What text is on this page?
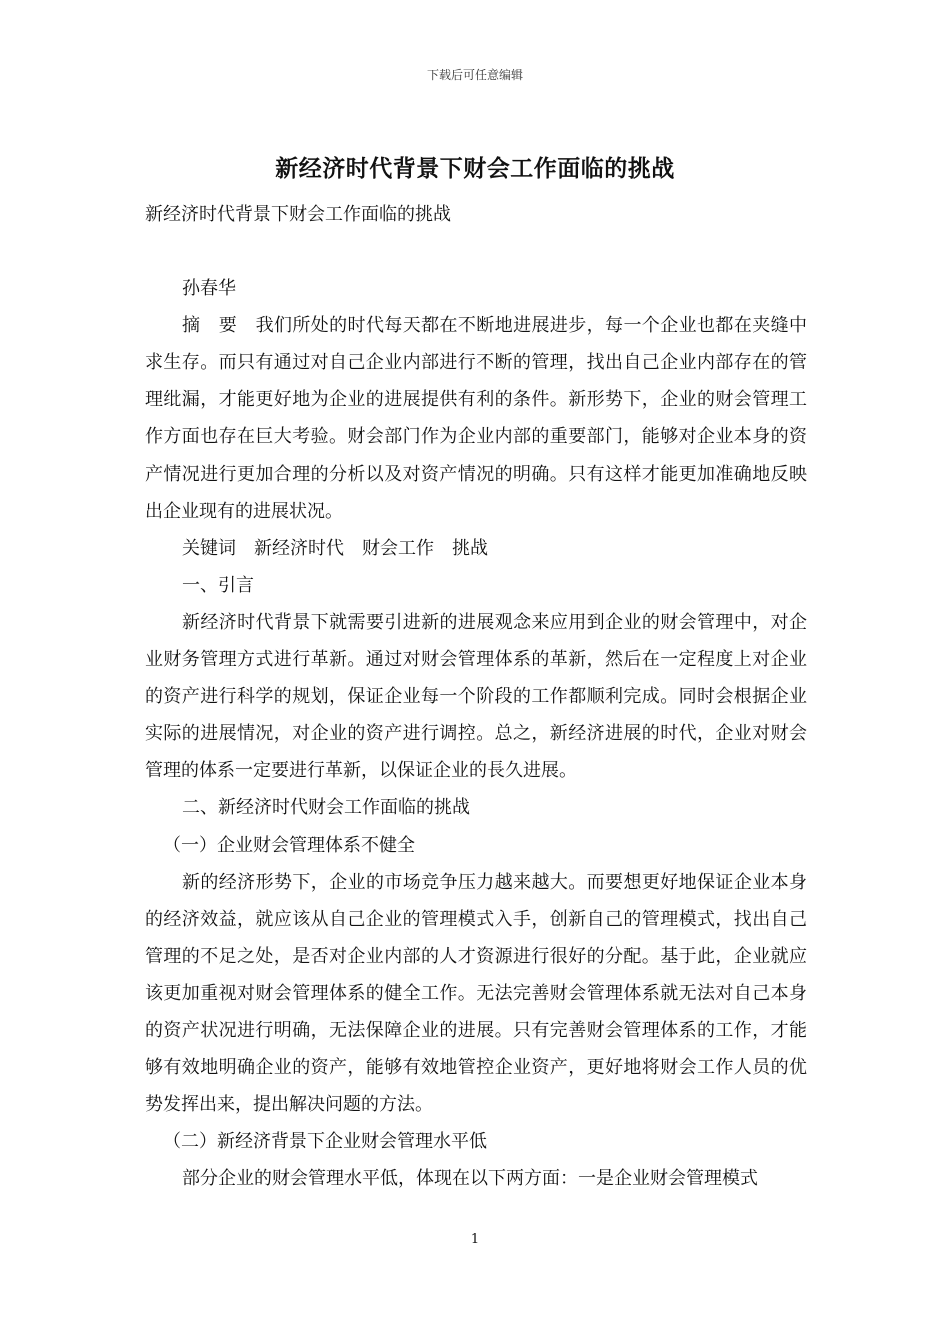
下载后可任意编辑
新经济时代背景下财会工作面临的挑战

新经济时代背景下财会工作面临的挑战

孙春华

摘　要　我们所处的时代每天都在不断地进展进步，每一个企业也都在夹缝中求生存。而只有通过对自己企业内部进行不断的管理，找出自己企业内部存在的管理纰漏，才能更好地为企业的进展提供有利的条件。新形势下，企业的财会管理工作方面也存在巨大考验。财会部门作为企业内部的重要部门，能够对企业本身的资产情况进行更加合理的分析以及对资产情况的明确。只有这样才能更加准确地反映出企业现有的进展状况。

关键词　新经济时代　财会工作　挑战

一、引言

新经济时代背景下就需要引进新的进展观念来应用到企业的财会管理中，对企业财务管理方式进行革新。通过对财会管理体系的革新，然后在一定程度上对企业的资产进行科学的规划，保证企业每一个阶段的工作都顺利完成。同时会根据企业实际的进展情况，对企业的资产进行调控。总之，新经济进展的时代，企业对财会管理的体系一定要进行革新，以保证企业的長久进展。

二、新经济时代财会工作面临的挑战

（一）企业财会管理体系不健全

新的经济形势下，企业的市场竞争压力越来越大。而要想更好地保证企业本身的经济效益，就应该从自己企业的管理模式入手，创新自己的管理模式，找出自己管理的不足之处，是否对企业内部的人才资源进行很好的分配。基于此，企业就应该更加重视对财会管理体系的健全工作。无法完善财会管理体系就无法对自己本身的资产状况进行明确，无法保障企业的进展。只有完善财会管理体系的工作，才能够有效地明确企业的资产，能够有效地管控企业资产，更好地将财会工作人员的优势发挥出来，提出解决问题的方法。

（二）新经济背景下企业财会管理水平低

部分企业的财会管理水平低，体现在以下两方面：一是企业财会管理模式

1
